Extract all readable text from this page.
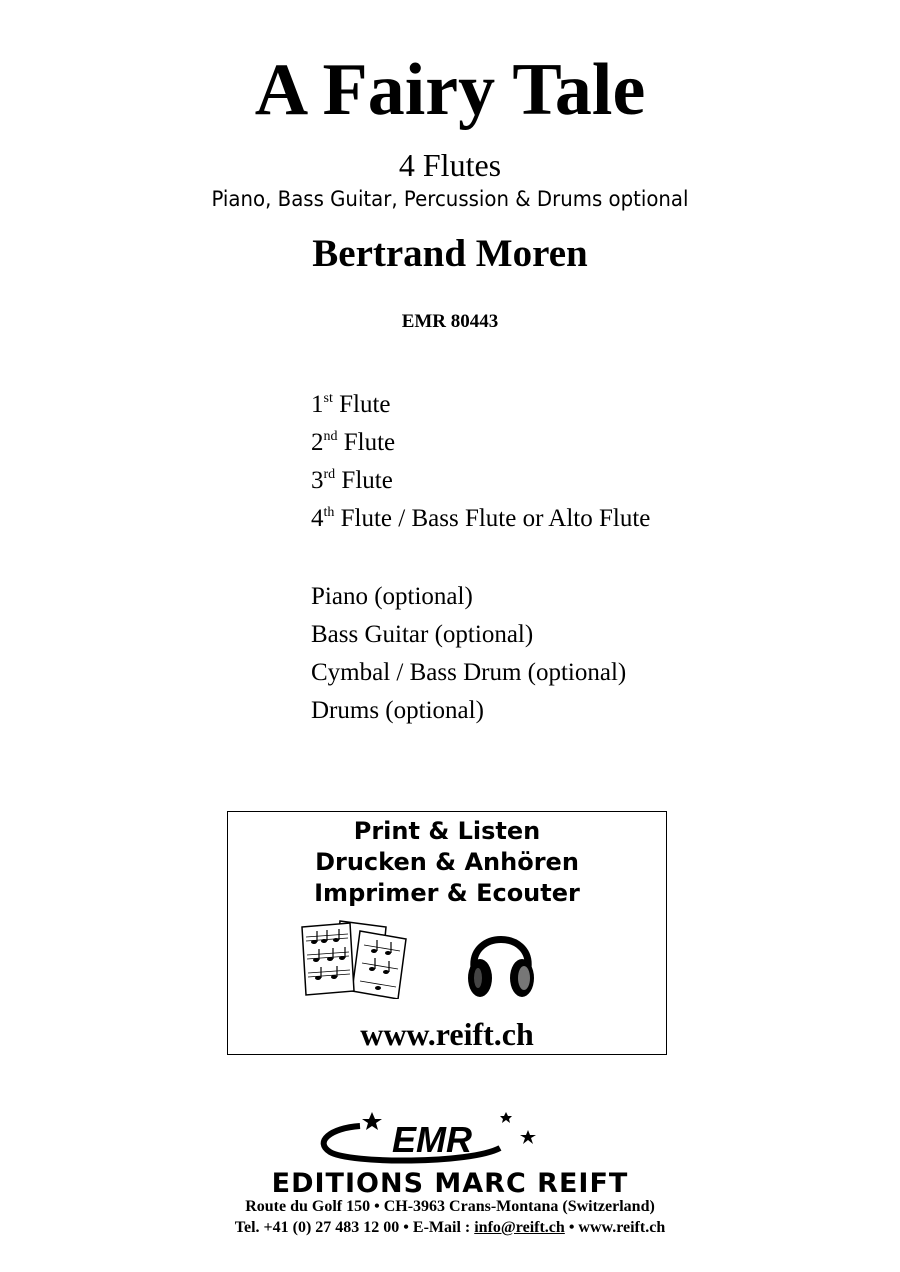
A Fairy Tale
4 Flutes
Piano, Bass Guitar, Percussion & Drums optional
Bertrand Moren
EMR 80443
1st Flute
2nd Flute
3rd Flute
4th Flute / Bass Flute or Alto Flute
Piano (optional)
Bass Guitar (optional)
Cymbal / Bass Drum (optional)
Drums (optional)
Print & Listen
Drucken & Anhören
Imprimer & Ecouter
www.reift.ch
EMR
EDITIONS MARC REIFT
Route du Golf 150 • CH-3963 Crans-Montana (Switzerland)
Tel. +41 (0) 27 483 12 00 • E-Mail : info@reift.ch • www.reift.ch
